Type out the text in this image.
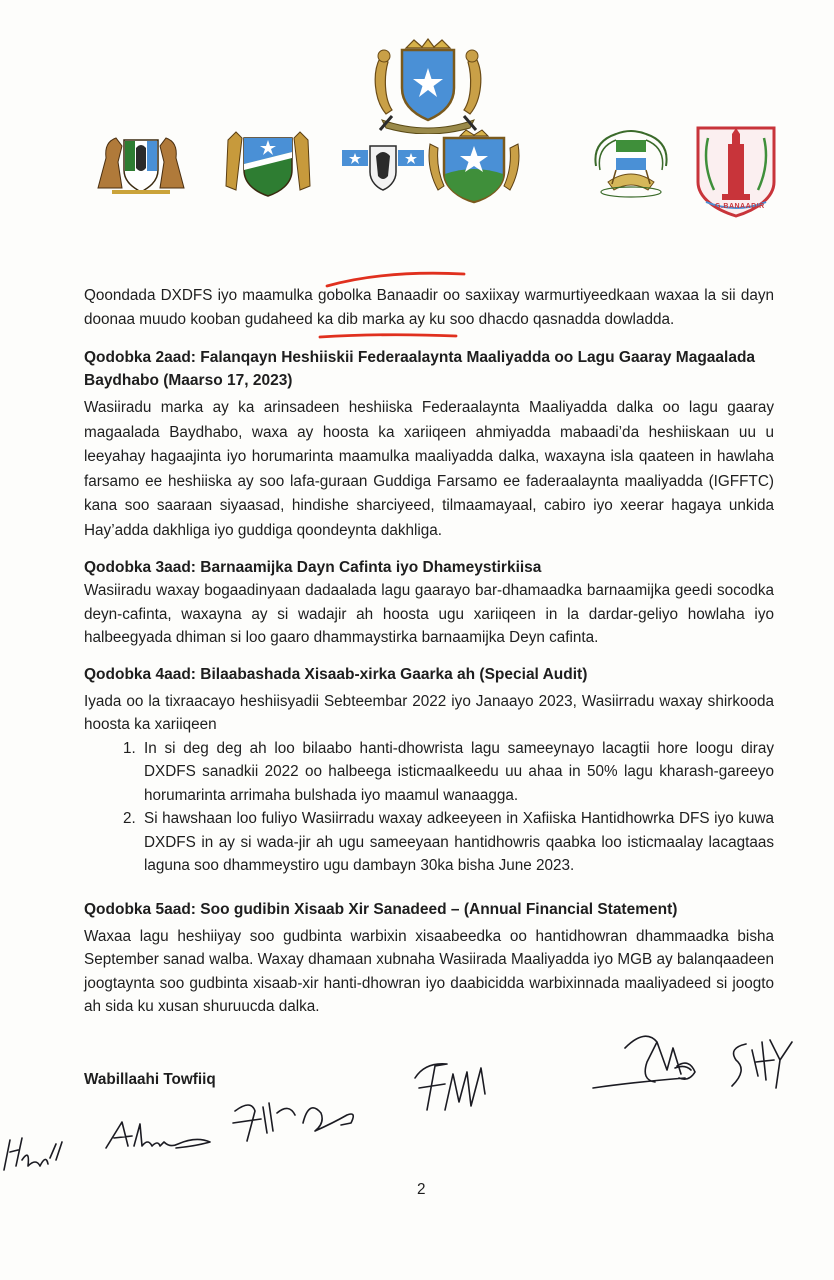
G.BANAADIR

Qoondada DXDFS iyo maamulka gobolka Banaadir oo saxiixay warmurtiyeedkaan waxaa la sii dayn doonaa muudo kooban gudaheed ka dib marka ay ku soo dhacdo qasnadda dowladda.

Qodobka 2aad: Falanqayn Heshiiskii Federaalaynta Maaliyadda oo Lagu Gaaray Magaalada Baydhabo (Maarso 17, 2023)

Wasiiradu marka ay ka arinsadeen heshiiska Federaalaynta Maaliyadda dalka oo lagu gaaray magaalada Baydhabo, waxa ay hoosta ka xariiqeen ahmiyadda mabaadi’da heshiiskaan uu u leeyahay hagaajinta iyo horumarinta maamulka maaliyadda dalka, waxayna isla qaateen in hawlaha farsamo ee heshiiska ay soo lafa-guraan Guddiga Farsamo ee faderaalaynta maaliyadda (IGFFTC) kana soo saaraan siyaasad, hindishe sharciyeed, tilmaamayaal, cabiro iyo xeerar hagaya unkida Hay’adda dakhliga iyo guddiga qoondeynta dakhliga.

Qodobka 3aad: Barnaamijka Dayn Cafinta iyo Dhameystirkiisa

Wasiiradu waxay bogaadinyaan dadaalada lagu gaarayo bar-dhamaadka barnaamijka geedi socodka deyn-cafinta, waxayna ay si wadajir ah hoosta ugu xariiqeen in la dardar-geliyo howlaha iyo halbeegyada dhiman si loo gaaro dhammaystirka barnaamijka Deyn cafinta.

Qodobka 4aad: Bilaabashada Xisaab-xirka Gaarka ah (Special Audit)

Iyada oo la tixraacayo heshiisyadii Sebteembar 2022 iyo Janaayo 2023, Wasiirradu waxay shirkooda hoosta ka xariiqeen

1. In si deg deg ah loo bilaabo hanti-dhowrista lagu sameeynayo lacagtii hore loogu diray DXDFS sanadkii 2022 oo halbeega isticmaalkeedu uu ahaa in 50% lagu kharash-gareeyo horumarinta arrimaha bulshada iyo maamul wanaagga.
2. Si hawshaan loo fuliyo Wasiirradu waxay adkeeyeen in Xafiiska Hantidhowrka DFS iyo kuwa DXDFS in ay si wada-jir ah ugu sameeyaan hantidhowris qaabka loo isticmaalay lacagtaas laguna soo dhammeystiro ugu dambayn 30ka bisha June 2023.
Qodobka 5aad: Soo gudibin Xisaab Xir Sanadeed – (Annual Financial Statement)

Waxaa lagu heshiiyay soo gudbinta warbixin xisaabeedka oo hantidhowran dhammaadka bisha September sanad walba. Waxay dhamaan xubnaha Wasiirada Maaliyadda iyo MGB ay balanqaadeen joogtaynta soo gudbinta xisaab-xir hanti-dhowran iyo daabicidda warbixinnada maaliyadeed si joogto ah sida ku xusan shuruucda dalka.

Wabillaahi Towfiiq
2
